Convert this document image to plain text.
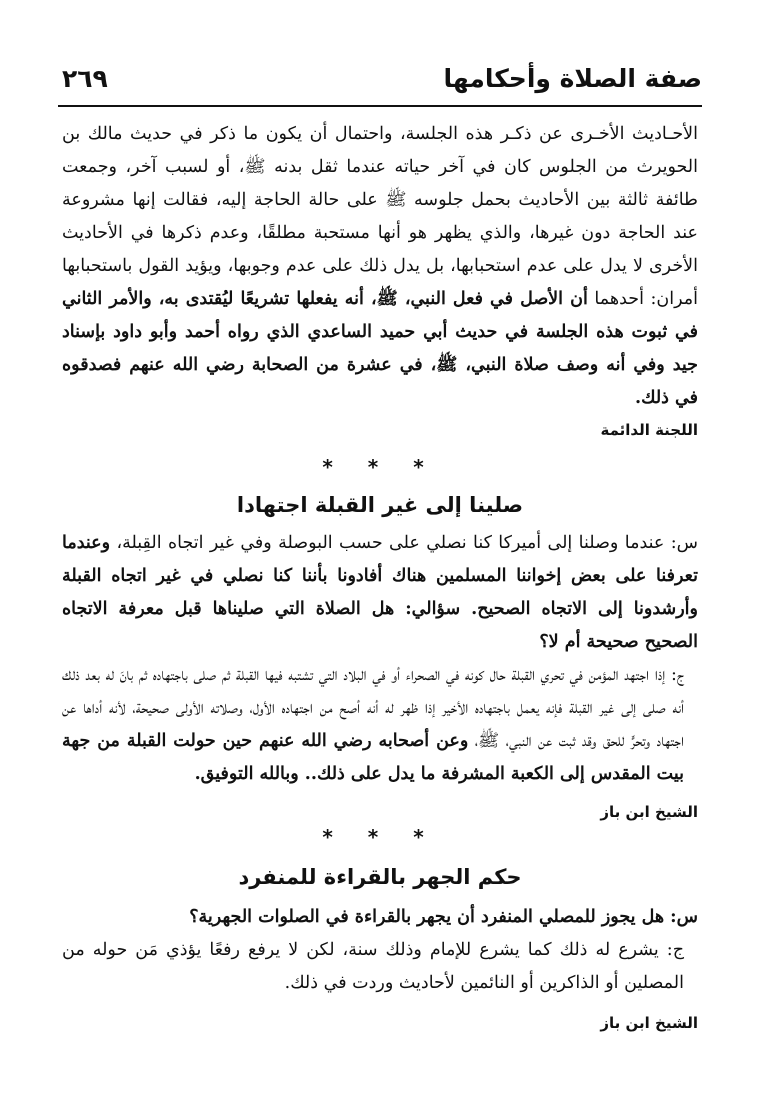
صفة الصلاة وأحكامها
٢٦٩

الأحـاديث الأخـرى عن ذكـر هذه الجلسة، واحتمال أن يكون ما ذكر في حديث مالك بن الحويرث من الجلوس كان في آخر حياته عندما ثقل بدنه ﷺ، أو لسبب آخر، وجمعت طائفة ثالثة بين الأحاديث بحمل جلوسه ﷺ على حالة الحاجة إليه، فقالت إنها مشروعة عند الحاجة دون غيرها، والذي يظهر هو أنها مستحبة مطلقًا، وعدم ذكرها في الأحاديث الأخرى لا يدل على عدم استحبابها، بل يدل ذلك على عدم وجوبها، ويؤيد القول باستحبابها أمران: أحدهما أن الأصل في فعل النبي، ﷺ، أنه يفعلها تشريعًا ليُقتدى به، والأمر الثاني في ثبوت هذه الجلسة في حديث أبي حميد الساعدي الذي رواه أحمد وأبو داود بإسناد جيد وفي أنه وصف صلاة النبي، ﷺ، في عشرة من الصحابة رضي الله عنهم فصدقوه في ذلك.

اللجنة الدائمة

* * *

صلينا إلى غير القبلة اجتهادا

س: عندما وصلنا إلى أميركا كنا نصلي على حسب البوصلة وفي غير اتجاه القِبلة، وعندما تعرفنا على بعض إخواننا المسلمين هناك أفادونا بأننا كنا نصلي في غير اتجاه القبلة وأرشدونا إلى الاتجاه الصحيح. سؤالي: هل الصلاة التي صليناها قبل معرفة الاتجاه الصحيح صحيحة أم لا؟

ج: إذا اجتهد المؤمن في تحري القبلة حال كونه في الصحراء أو في البلاد التي تشتبه فيها القبلة ثم صلى باجتهاده ثم بانَ له بعد ذلك أنه صلى إلى غير القبلة فإنه يعمل باجتهاده الأخير إذا ظهر له أنه أصح من اجتهاده الأول، وصلاته الأولى صحيحة، لأنه أداها عن اجتهاد وتحرٍّ للحق وقد ثبت عن النبي، ﷺ، وعن أصحابه رضي الله عنهم حين حولت القبلة من جهة بيت المقدس إلى الكعبة المشرفة ما يدل على ذلك.. وبالله التوفيق.

الشيخ ابن باز

* * *

حكم الجهر بالقراءة للمنفرد

س: هل يجوز للمصلي المنفرد أن يجهر بالقراءة في الصلوات الجهرية؟

ج: يشرع له ذلك كما يشرع للإمام وذلك سنة، لكن لا يرفع رفعًا يؤذي مَن حوله من المصلين أو الذاكرين أو النائمين لأحاديث وردت في ذلك.

الشيخ ابن باز
